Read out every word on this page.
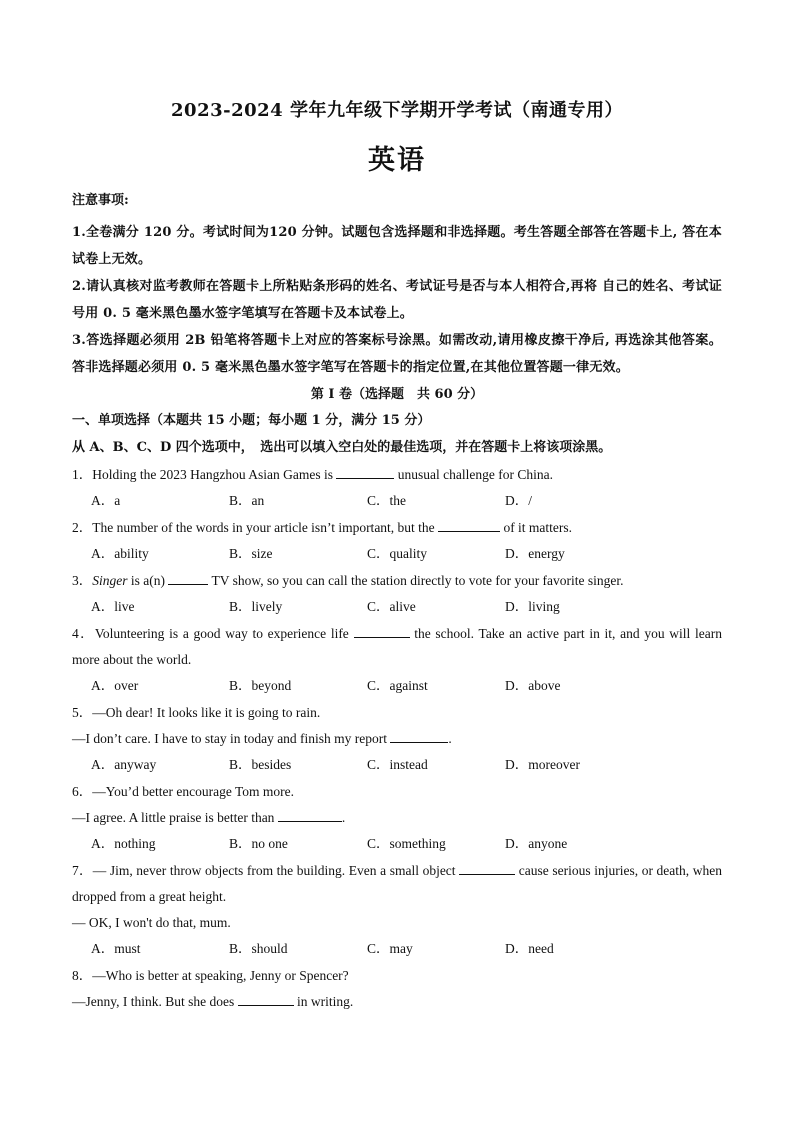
2023-2024 学年九年级下学期开学考试（南通专用）
英语
注意事项:
1.全卷满分 120 分。考试时间为120 分钟。试题包含选择题和非选择题。考生答题全部答在答题卡上, 答在本试卷上无效。
2.请认真核对监考教师在答题卡上所粘贴条形码的姓名、考试证号是否与本人相符合,再将 自己的姓名、考试证号用 0. 5 毫米黑色墨水签字笔填写在答题卡及本试卷上。
3.答选择题必须用 2B 铅笔将答题卡上对应的答案标号涂黑。如需改动,请用橡皮擦干净后, 再选涂其他答案。答非选择题必须用 0. 5 毫米黑色墨水签字笔写在答题卡的指定位置,在其他位置答题一律无效。
第 I 卷（选择题　共 60 分）
一、单项选择（本题共 15 小题；每小题 1 分，满分 15 分）
从 A、B、C、D 四个选项中，　选出可以填入空白处的最佳选项，并在答题卡上将该项涂黑。
1．Holding the 2023 Hangzhou Asian Games is	unusual challenge for China.
A．a	B．an	C．the	D．/
2．The number of the words in your article isn’t important, but the	of it matters.
A．ability	B．size	C．quality	D．energy
3．Singer is a(n)	TV show, so you can call the station directly to vote for your favorite singer.
A．live	B．lively	C．alive	D．living
4．Volunteering is a good way to experience life	the school. Take an active part in it, and you will learn more about the world.
A．over	B．beyond	C．against	D．above
5．—Oh dear! It looks like it is going to rain.
—I don’t care. I have to stay in today and finish my report	.
A．anyway	B．besides	C．instead	D．moreover
6．—You’d better encourage Tom more.
—I agree. A little praise is better than	.
A．nothing	B．no one	C．something	D．anyone
7．— Jim, never throw objects from the building. Even a small object	cause serious injuries, or death, when dropped from a great height.
— OK, I won't do that, mum.
A．must	B．should	C．may	D．need
8．—Who is better at speaking, Jenny or Spencer?
—Jenny, I think. But she does	in writing.
